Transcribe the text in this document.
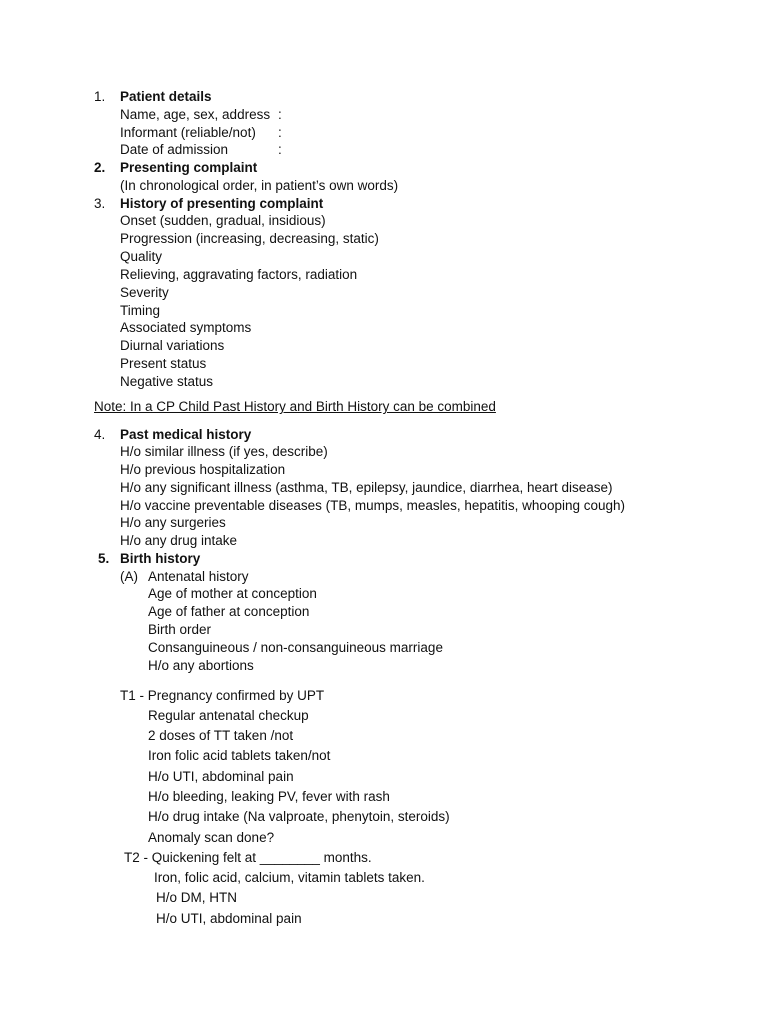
1. Patient details
Name, age, sex, address :
Informant (reliable/not) :
Date of admission	:
2. Presenting complaint
(In chronological order, in patient’s own words)
3. History of presenting complaint
Onset (sudden, gradual, insidious)
Progression (increasing, decreasing, static)
Quality
Relieving, aggravating factors, radiation
Severity
Timing
Associated symptoms
Diurnal variations
Present status
Negative status
Note: In a CP Child Past History and Birth History can be combined
4. Past medical history
H/o similar illness (if yes, describe)
H/o previous hospitalization
H/o any significant illness (asthma, TB, epilepsy, jaundice, diarrhea, heart disease)
H/o vaccine preventable diseases (TB, mumps, measles, hepatitis, whooping cough)
H/o any surgeries
H/o any drug intake
5. Birth history
(A) Antenatal history
Age of mother at conception
Age of father at conception
Birth order
Consanguineous / non-consanguineous marriage
H/o any abortions
T1 - Pregnancy confirmed by UPT
Regular antenatal checkup
2 doses of TT taken /not
Iron folic acid tablets taken/not
H/o UTI, abdominal pain
H/o bleeding, leaking PV, fever with rash
H/o drug intake (Na valproate, phenytoin, steroids)
Anomaly scan done?
T2 - Quickening felt at ________ months.
Iron, folic acid, calcium, vitamin tablets taken.
H/o DM, HTN
H/o UTI, abdominal pain
